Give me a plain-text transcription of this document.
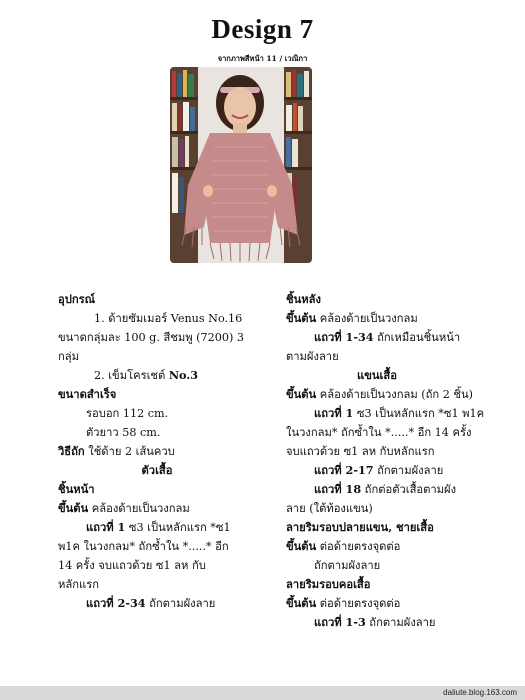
Design 7
จากภาพสีหน้า 11 / เวณิกา
อุปกรณ์
1. ด้ายซัมเมอร์ Venus No.16
ขนาดกลุ่มละ 100 g. สีชมพู (7200) 3
กลุ่ม
2. เข็มโครเชต์ No.3
ขนาดสำเร็จ
รอบอก 112 cm.
ตัวยาว 58 cm.
วิธีถัก ใช้ด้าย 2 เส้นควบ
ตัวเสื้อ
ชิ้นหน้า
ขึ้นต้น คล้องด้ายเป็นวงกลม
แถวที่ 1 ซ3 เป็นหลักแรก *ซ1
พ1ค ในวงกลม* ถักซ้ำใน *.....* อีก
14 ครั้ง จบแถวด้วย ซ1 ลห กับ
หลักแรก
แถวที่ 2-34 ถักตามผังลาย
ชิ้นหลัง
ขึ้นต้น คล้องด้ายเป็นวงกลม
แถวที่ 1-34 ถักเหมือนชิ้นหน้า
ตามผังลาย
แขนเสื้อ
ขึ้นต้น คล้องด้ายเป็นวงกลม (ถัก 2 ชิ้น)
แถวที่ 1 ซ3 เป็นหลักแรก *ซ1 พ1ค
ในวงกลม* ถักซ้ำใน *.....* อีก 14 ครั้ง
จบแถวด้วย ซ1 ลห กับหลักแรก
แถวที่ 2-17 ถักตามผังลาย
แถวที่ 18 ถักต่อตัวเสื้อตามผัง
ลาย (ใต้ท้องแขน)
ลายริมรอบปลายแขน, ชายเสื้อ
ขึ้นต้น ต่อด้ายตรงจุดต่อ
ถักตามผังลาย
ลายริมรอบคอเสื้อ
ขึ้นต้น ต่อด้ายตรงจุดต่อ
แถวที่ 1-3 ถักตามผังลาย
daliute.blog.163.com
